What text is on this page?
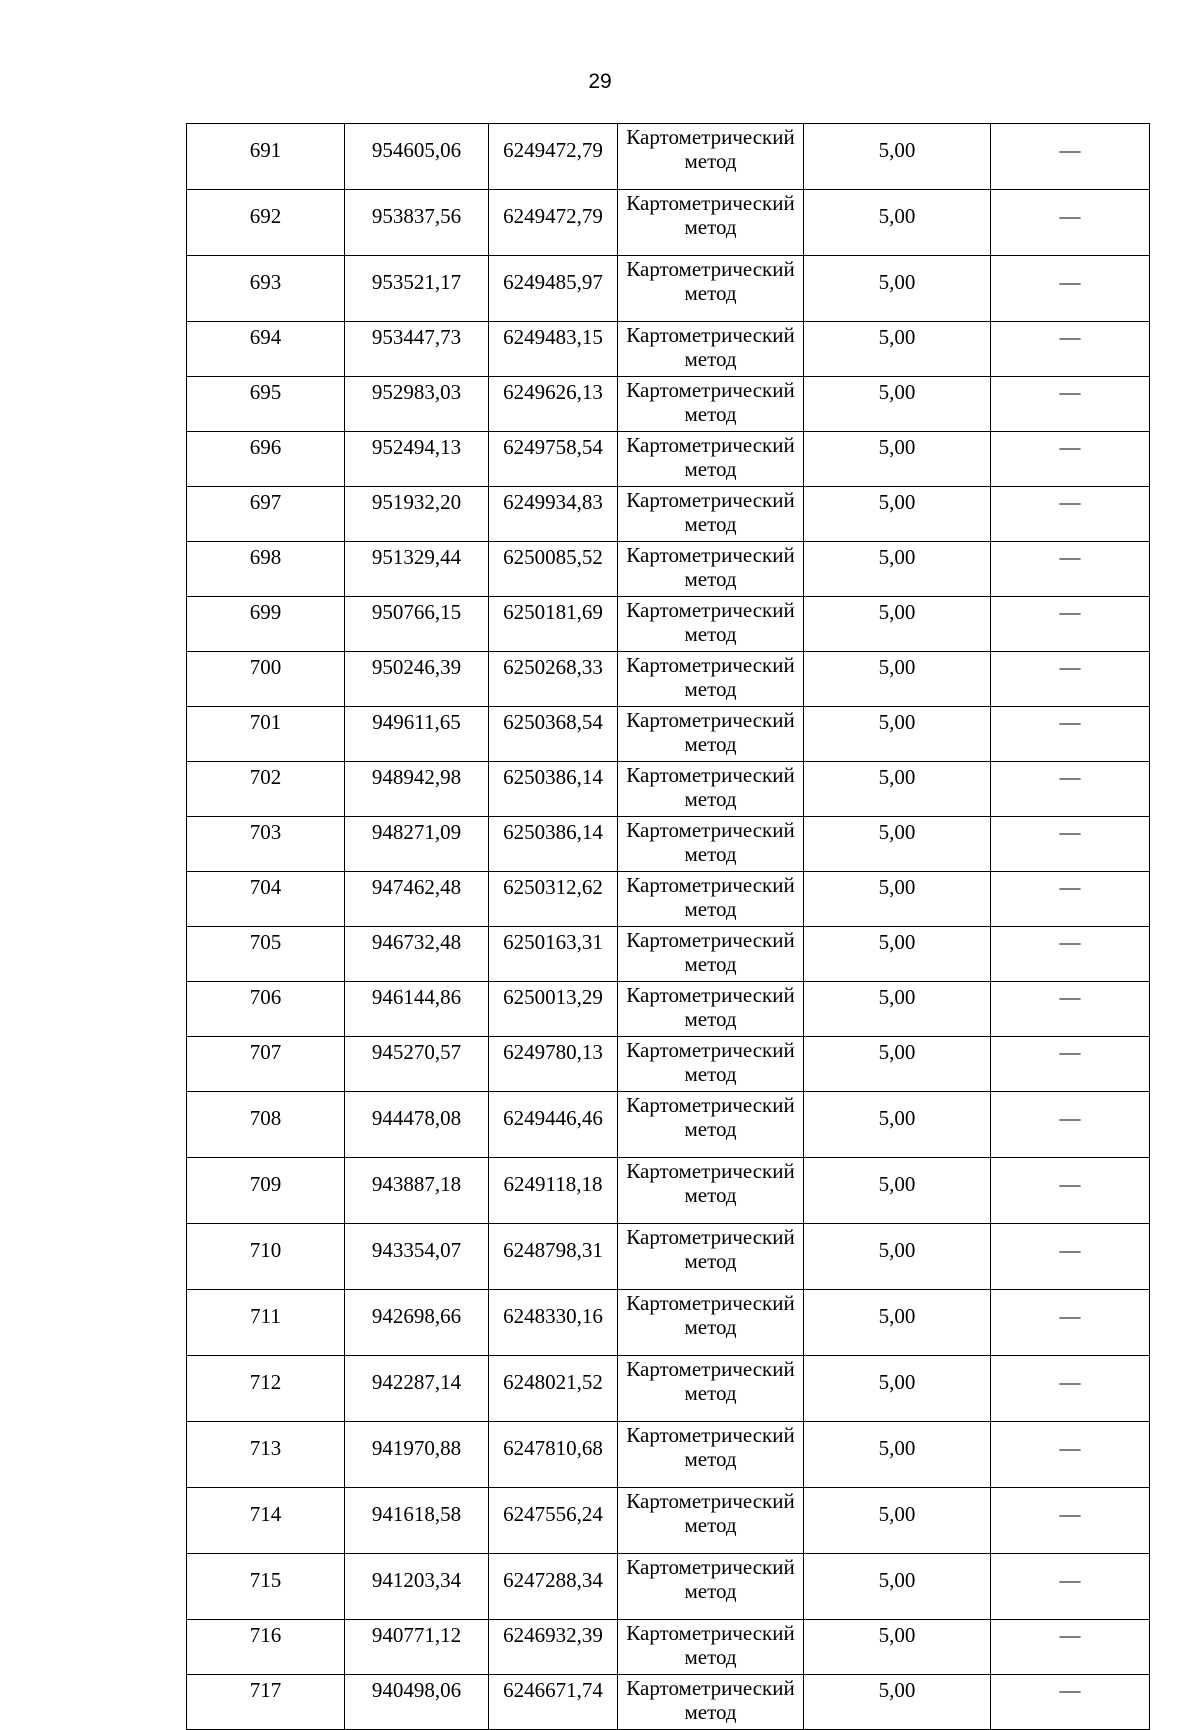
29
691	954605,06	6249472,79	Картометрический метод	5,00	—
692	953837,56	6249472,79	Картометрический метод	5,00	—
693	953521,17	6249485,97	Картометрический метод	5,00	—
694	953447,73	6249483,15	Картометрический метод	5,00	—
695	952983,03	6249626,13	Картометрический метод	5,00	—
696	952494,13	6249758,54	Картометрический метод	5,00	—
697	951932,20	6249934,83	Картометрический метод	5,00	—
698	951329,44	6250085,52	Картометрический метод	5,00	—
699	950766,15	6250181,69	Картометрический метод	5,00	—
700	950246,39	6250268,33	Картометрический метод	5,00	—
701	949611,65	6250368,54	Картометрический метод	5,00	—
702	948942,98	6250386,14	Картометрический метод	5,00	—
703	948271,09	6250386,14	Картометрический метод	5,00	—
704	947462,48	6250312,62	Картометрический метод	5,00	—
705	946732,48	6250163,31	Картометрический метод	5,00	—
706	946144,86	6250013,29	Картометрический метод	5,00	—
707	945270,57	6249780,13	Картометрический метод	5,00	—
708	944478,08	6249446,46	Картометрический метод	5,00	—
709	943887,18	6249118,18	Картометрический метод	5,00	—
710	943354,07	6248798,31	Картометрический метод	5,00	—
711	942698,66	6248330,16	Картометрический метод	5,00	—
712	942287,14	6248021,52	Картометрический метод	5,00	—
713	941970,88	6247810,68	Картометрический метод	5,00	—
714	941618,58	6247556,24	Картометрический метод	5,00	—
715	941203,34	6247288,34	Картометрический метод	5,00	—
716	940771,12	6246932,39	Картометрический метод	5,00	—
717	940498,06	6246671,74	Картометрический метод	5,00	—
